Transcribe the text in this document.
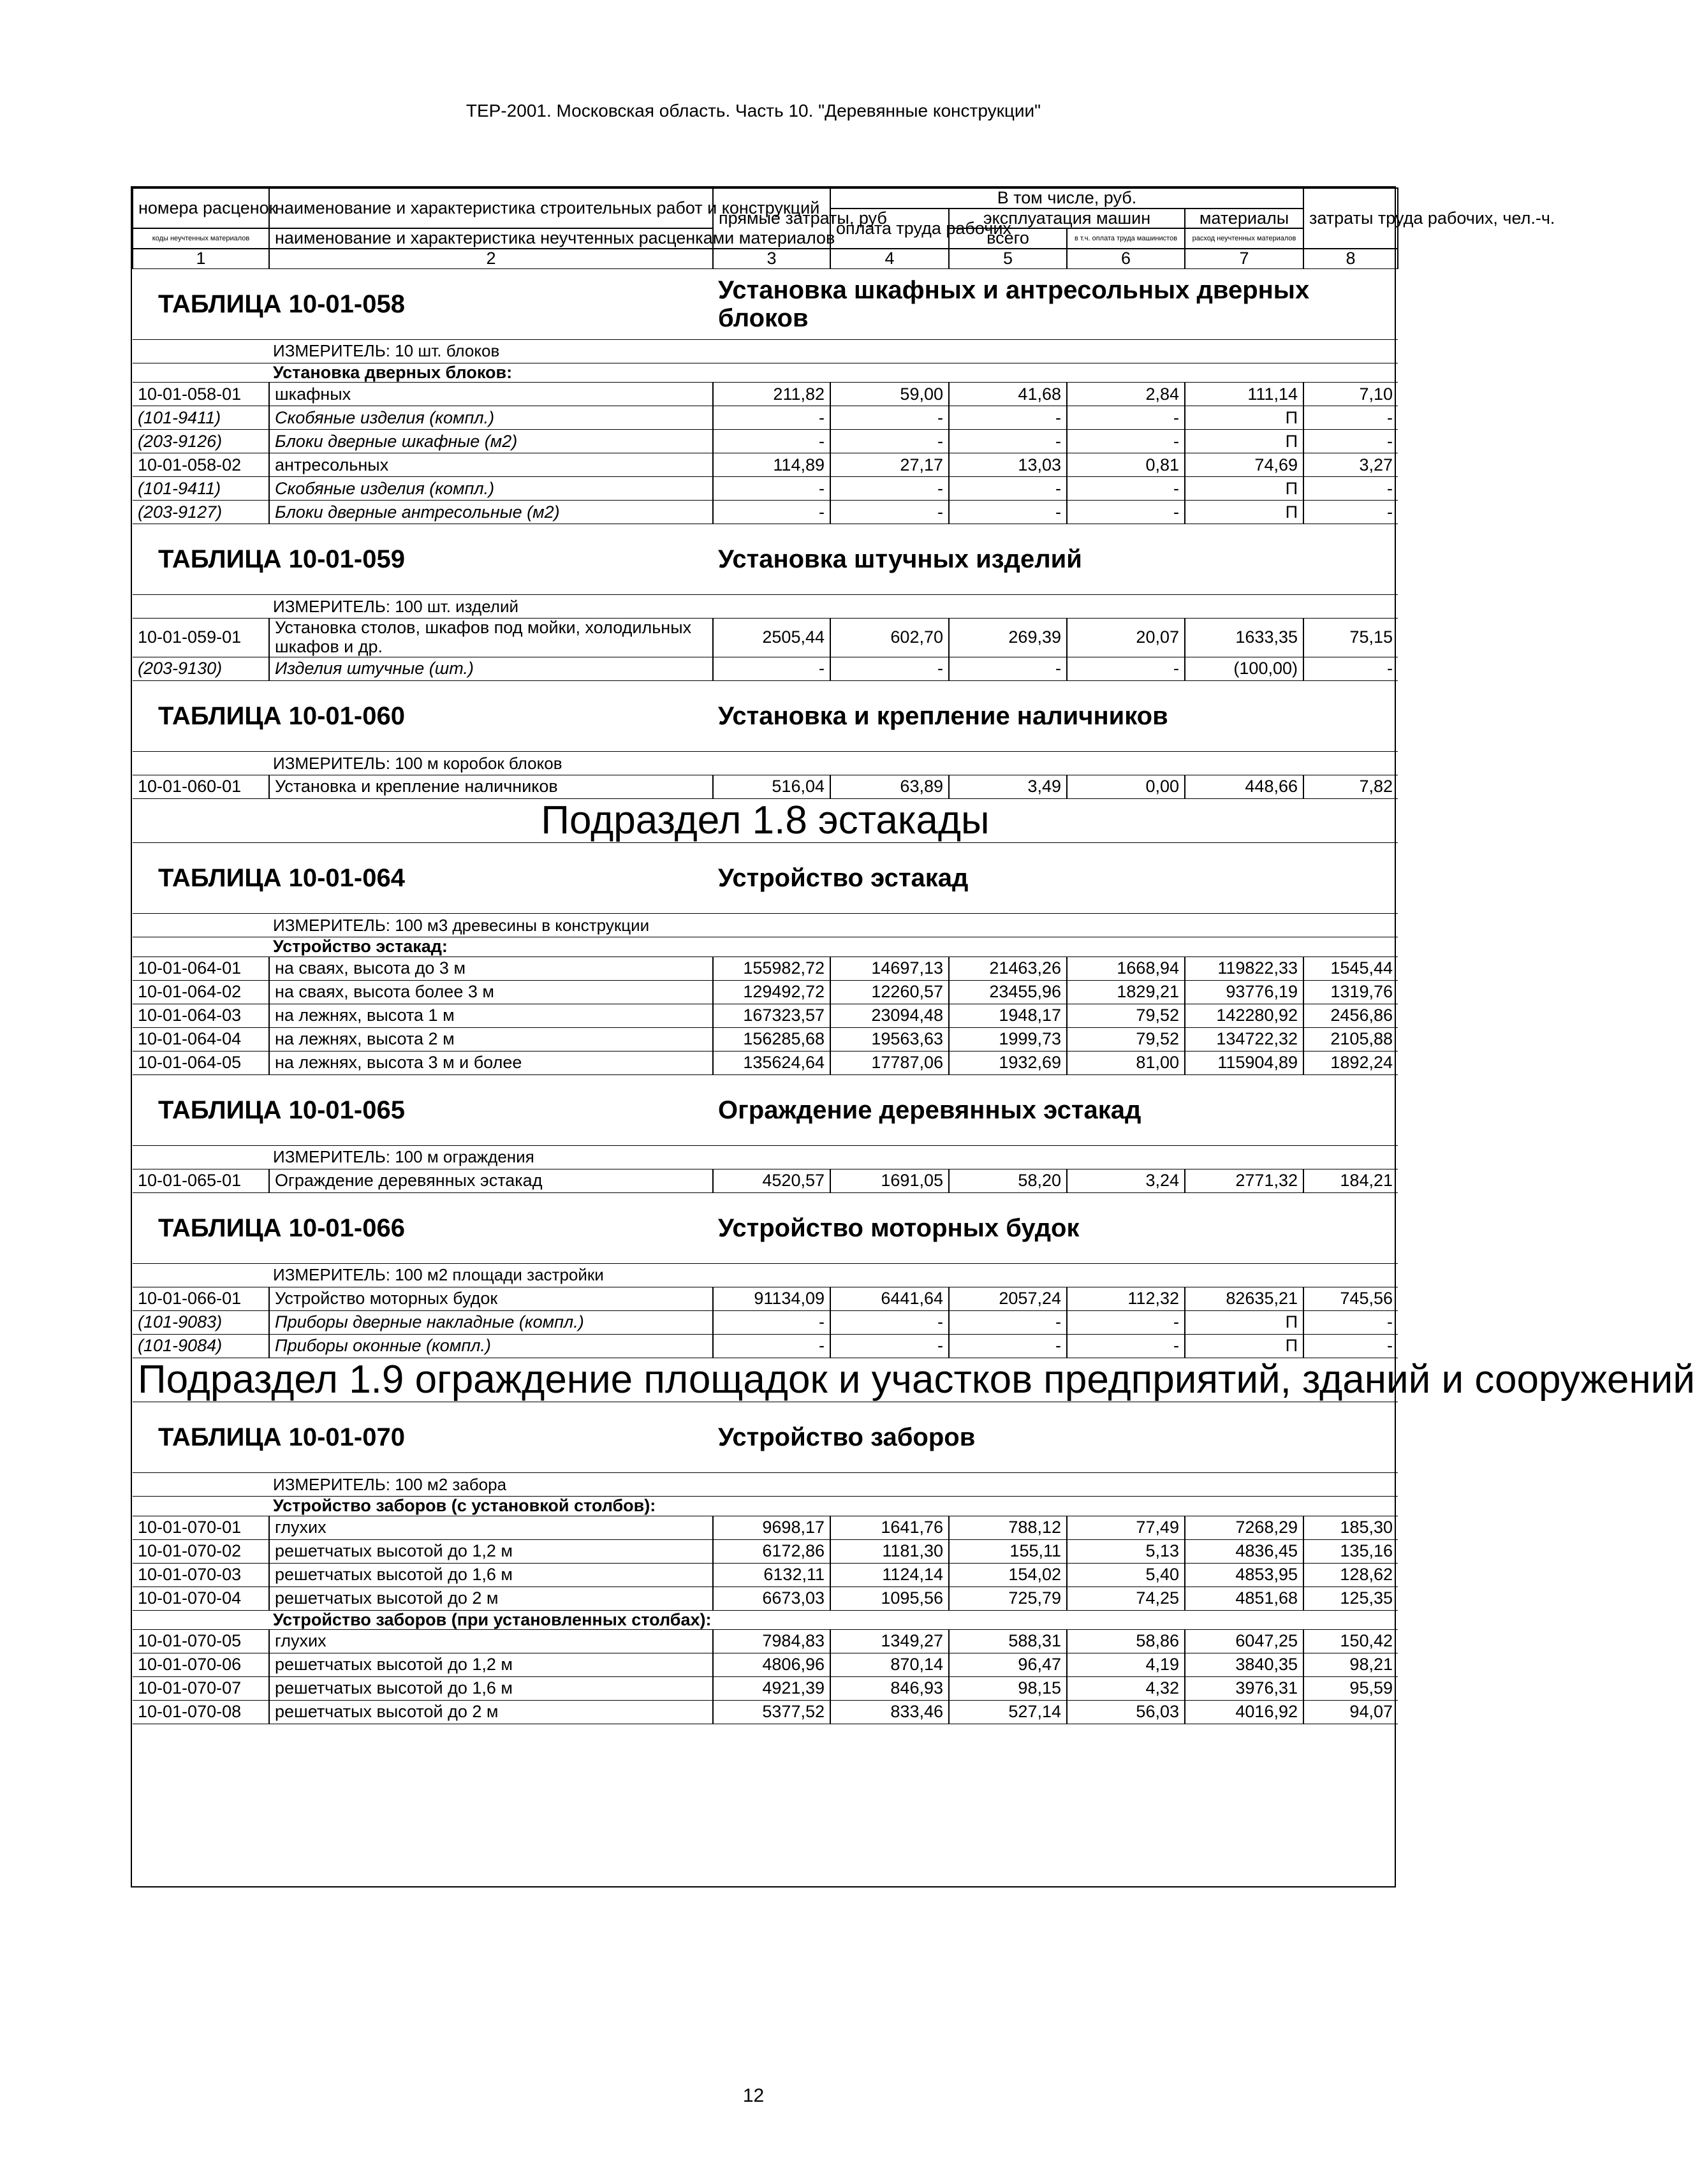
ТЕР-2001. Московская область. Часть 10. "Деревянные конструкции"
номера расценок	наименование и характеристика строительных работ и конструкций	прямые затраты, руб	В том числе, руб.				затраты труда рабочих, чел.-ч.
			оплата труда рабочих	эксплуатация машин		материалы	
коды неучтенных материалов	наименование и характеристика неучтенных расценками материалов			всего	в т.ч. оплата труда машинистов	расход неучтенных материалов	

1	2	3	4	5	6	7	8
ТАБЛИЦА 10-01-058		Установка шкафных и антресольных дверных блоков					
ИЗМЕРИТЕЛЬ: 10 шт. блоков							
Установка дверных блоков:							
10-01-058-01	шкафных	211,82	59,00	41,68	2,84	111,14	7,10
(101-9411)	Скобяные изделия (компл.)	-	-	-	-	П	-
(203-9126)	Блоки дверные шкафные (м2)	-	-	-	-	П	-
10-01-058-02	антресольных	114,89	27,17	13,03	0,81	74,69	3,27
(101-9411)	Скобяные изделия (компл.)	-	-	-	-	П	-
(203-9127)	Блоки дверные антресольные (м2)	-	-	-	-	П	-
ТАБЛИЦА 10-01-059		Установка штучных изделий					
ИЗМЕРИТЕЛЬ: 100 шт. изделий							
10-01-059-01	Установка столов, шкафов под мойки, холодильных шкафов и др.	2505,44	602,70	269,39	20,07	1633,35	75,15
(203-9130)	Изделия штучные (шт.)	-	-	-	-	(100,00)	-
ТАБЛИЦА 10-01-060		Установка и крепление наличников					
ИЗМЕРИТЕЛЬ: 100 м коробок блоков							
10-01-060-01	Установка и крепление наличников	516,04	63,89	3,49	0,00	448,66	7,82
Подраздел 1.8 эстакады							
ТАБЛИЦА 10-01-064		Устройство эстакад					
ИЗМЕРИТЕЛЬ: 100 м3 древесины в конструкции							
Устройство эстакад:							
10-01-064-01	на сваях, высота до 3 м	155982,72	14697,13	21463,26	1668,94	119822,33	1545,44
10-01-064-02	на сваях, высота более 3 м	129492,72	12260,57	23455,96	1829,21	93776,19	1319,76
10-01-064-03	на лежнях, высота 1 м	167323,57	23094,48	1948,17	79,52	142280,92	2456,86
10-01-064-04	на лежнях, высота 2 м	156285,68	19563,63	1999,73	79,52	134722,32	2105,88
10-01-064-05	на лежнях, высота 3 м и более	135624,64	17787,06	1932,69	81,00	115904,89	1892,24
ТАБЛИЦА 10-01-065		Ограждение деревянных эстакад					
ИЗМЕРИТЕЛЬ: 100 м ограждения							
10-01-065-01	Ограждение деревянных эстакад	4520,57	1691,05	58,20	3,24	2771,32	184,21
ТАБЛИЦА 10-01-066		Устройство моторных будок					
ИЗМЕРИТЕЛЬ: 100 м2 площади застройки							
10-01-066-01	Устройство моторных будок	91134,09	6441,64	2057,24	112,32	82635,21	745,56
(101-9083)	Приборы дверные накладные (компл.)	-	-	-	-	П	-
(101-9084)	Приборы оконные (компл.)	-	-	-	-	П	-
Подраздел 1.9 ограждение площадок и участков предприятий, зданий и сооружений							
ТАБЛИЦА 10-01-070		Устройство заборов					
ИЗМЕРИТЕЛЬ: 100 м2 забора							
Устройство заборов (с установкой столбов):							
10-01-070-01	глухих	9698,17	1641,76	788,12	77,49	7268,29	185,30
10-01-070-02	решетчатых высотой до 1,2 м	6172,86	1181,30	155,11	5,13	4836,45	135,16
10-01-070-03	решетчатых высотой до 1,6 м	6132,11	1124,14	154,02	5,40	4853,95	128,62
10-01-070-04	решетчатых высотой до 2 м	6673,03	1095,56	725,79	74,25	4851,68	125,35
Устройство заборов (при установленных столбах):							
10-01-070-05	глухих	7984,83	1349,27	588,31	58,86	6047,25	150,42
10-01-070-06	решетчатых высотой до 1,2 м	4806,96	870,14	96,47	4,19	3840,35	98,21
10-01-070-07	решетчатых высотой до 1,6 м	4921,39	846,93	98,15	4,32	3976,31	95,59
10-01-070-08	решетчатых высотой до 2 м	5377,52	833,46	527,14	56,03	4016,92	94,07
12
